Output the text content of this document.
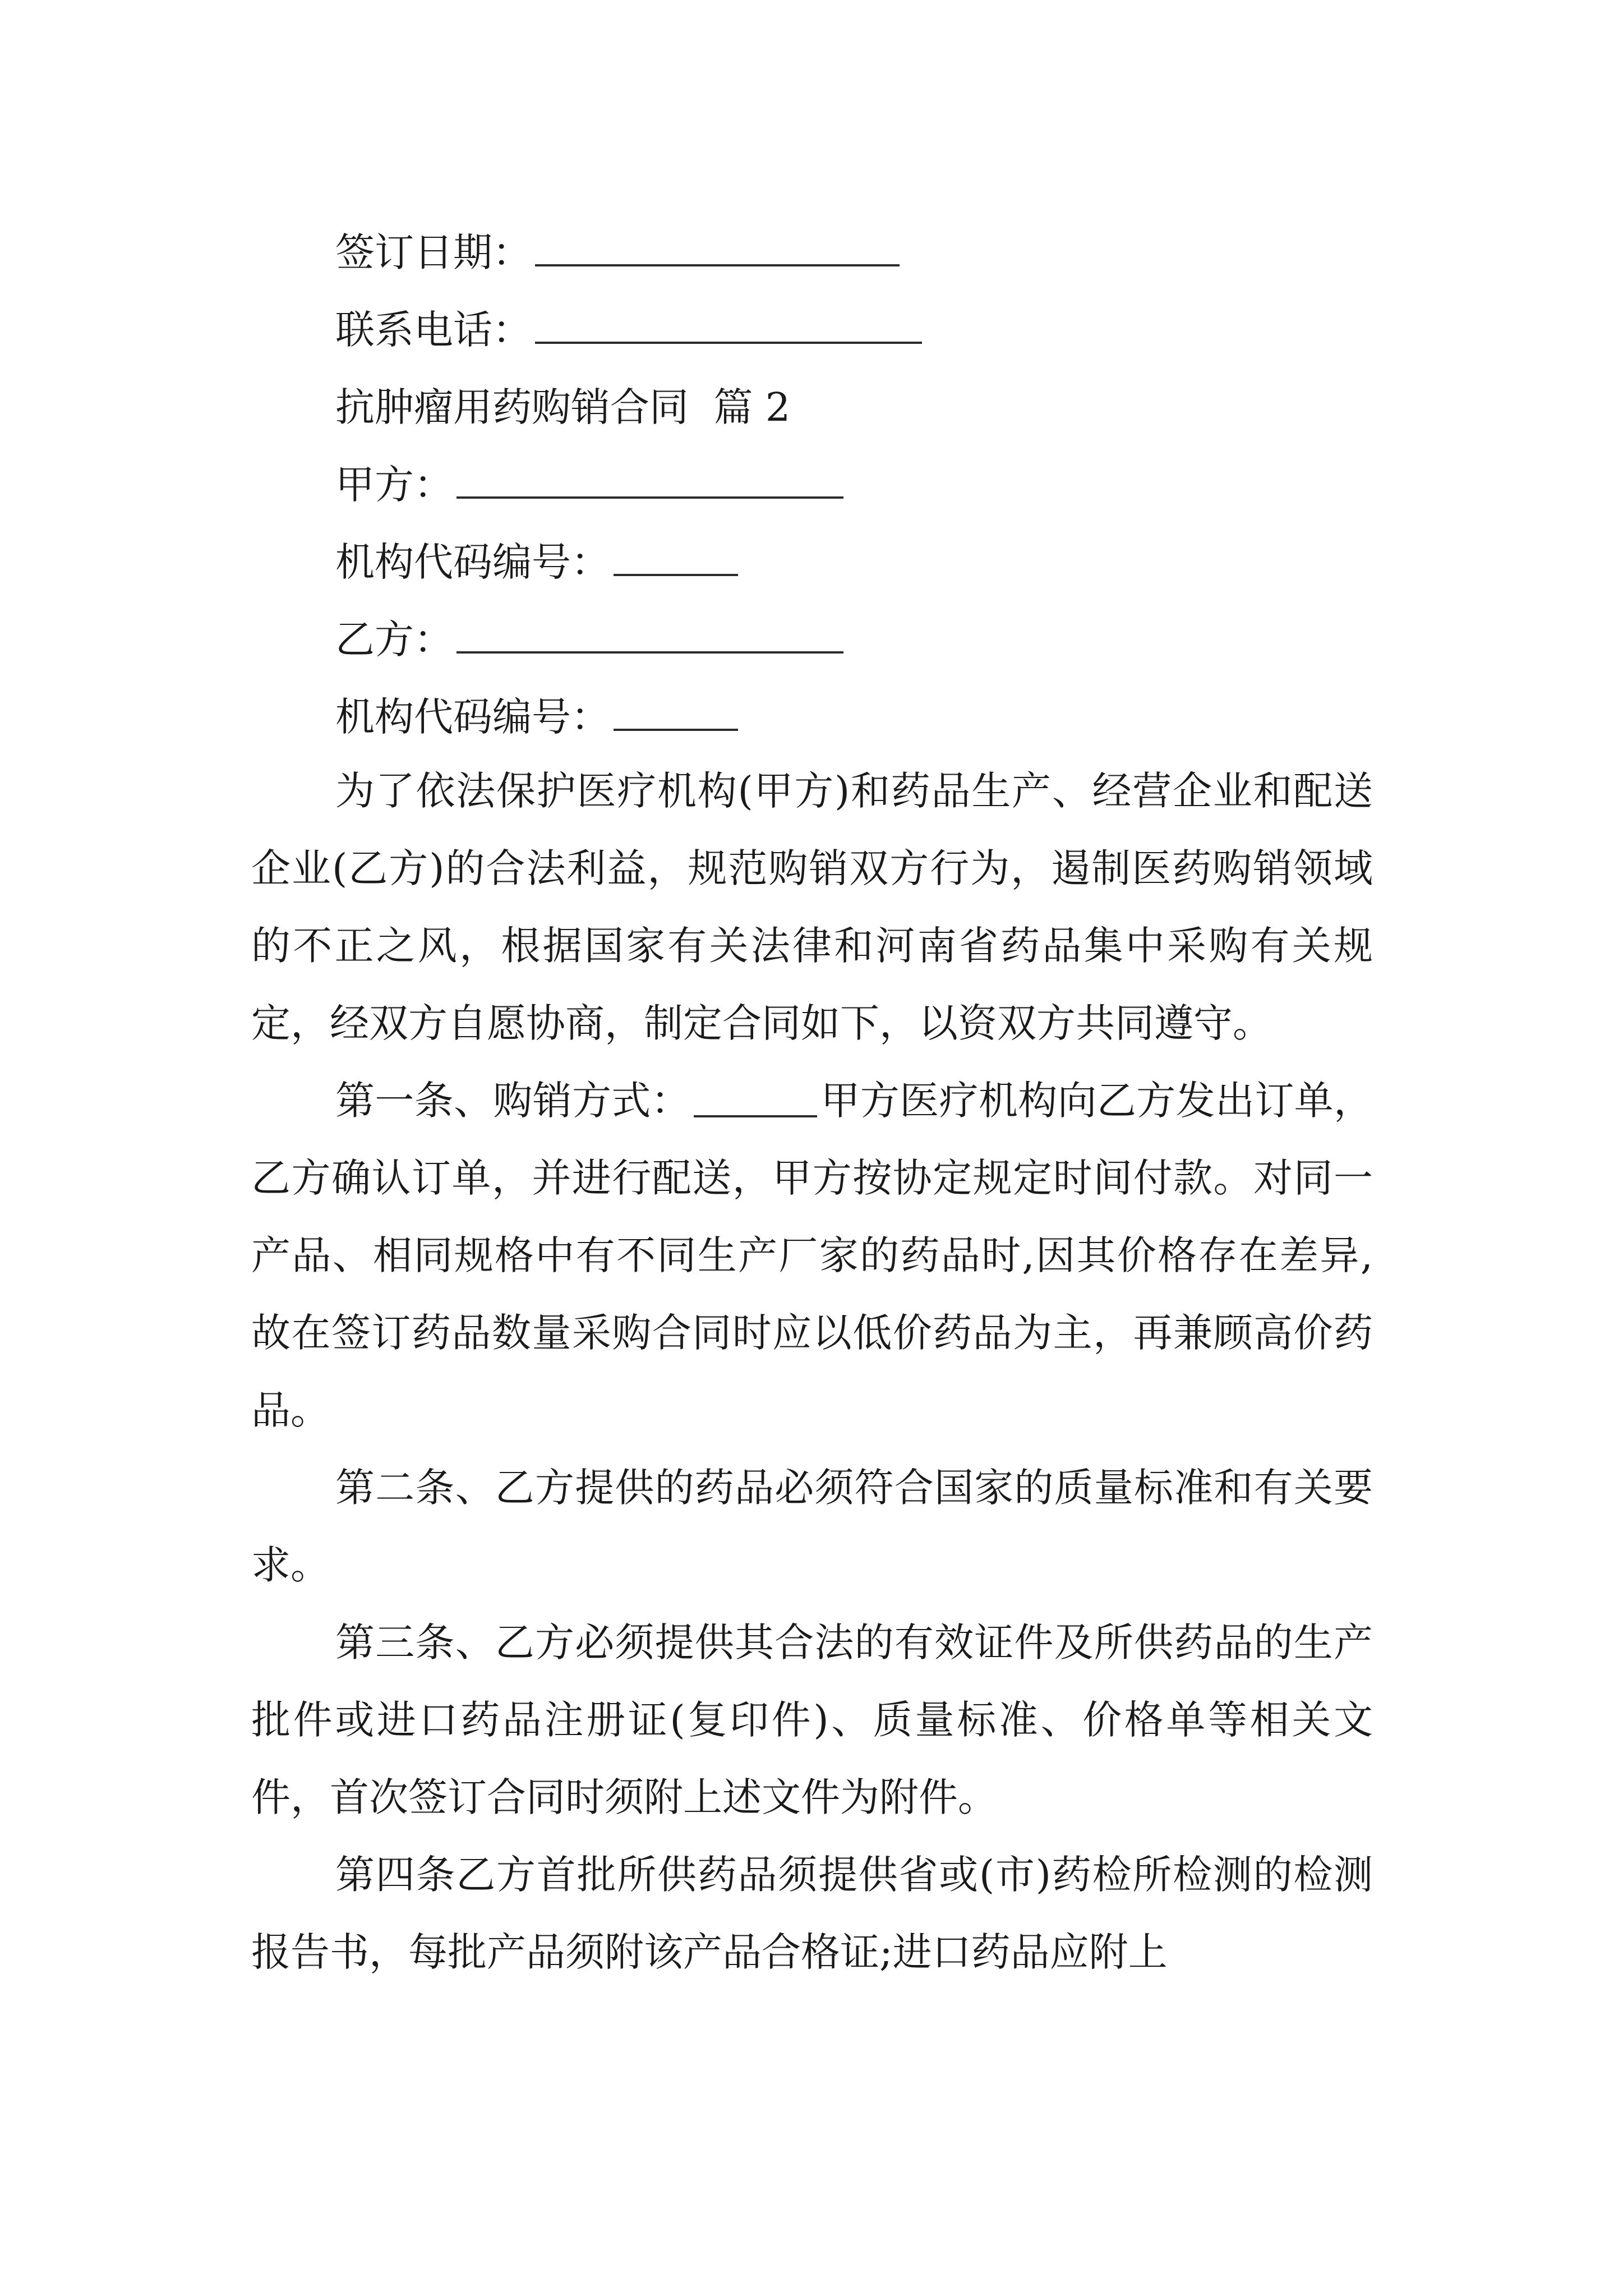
签订日期：
联系电话：
抗肿瘤用药购销合同  篇 2
甲方：
机构代码编号：
乙方：
机构代码编号：

为了依法保护医疗机构(甲方)和药品生产、经营企业和配送企业(乙方)的合法利益，规范购销双方行为，遏制医药购销领域的不正之风，根据国家有关法律和河南省药品集中采购有关规定，经双方自愿协商，制定合同如下，以资双方共同遵守。

第一条、购销方式：	甲方医疗机构向乙方发出订单，乙方确认订单，并进行配送，甲方按协定规定时间付款。对同一产品、相同规格中有不同生产厂家的药品时,因其价格存在差异,故在签订药品数量采购合同时应以低价药品为主，再兼顾高价药品。

第二条、乙方提供的药品必须符合国家的质量标准和有关要求。

第三条、乙方必须提供其合法的有效证件及所供药品的生产批件或进口药品注册证(复印件)、质量标准、价格单等相关文件，首次签订合同时须附上述文件为附件。

第四条乙方首批所供药品须提供省或(市)药检所检测的检测报告书，每批产品须附该产品合格证;进口药品应附上
